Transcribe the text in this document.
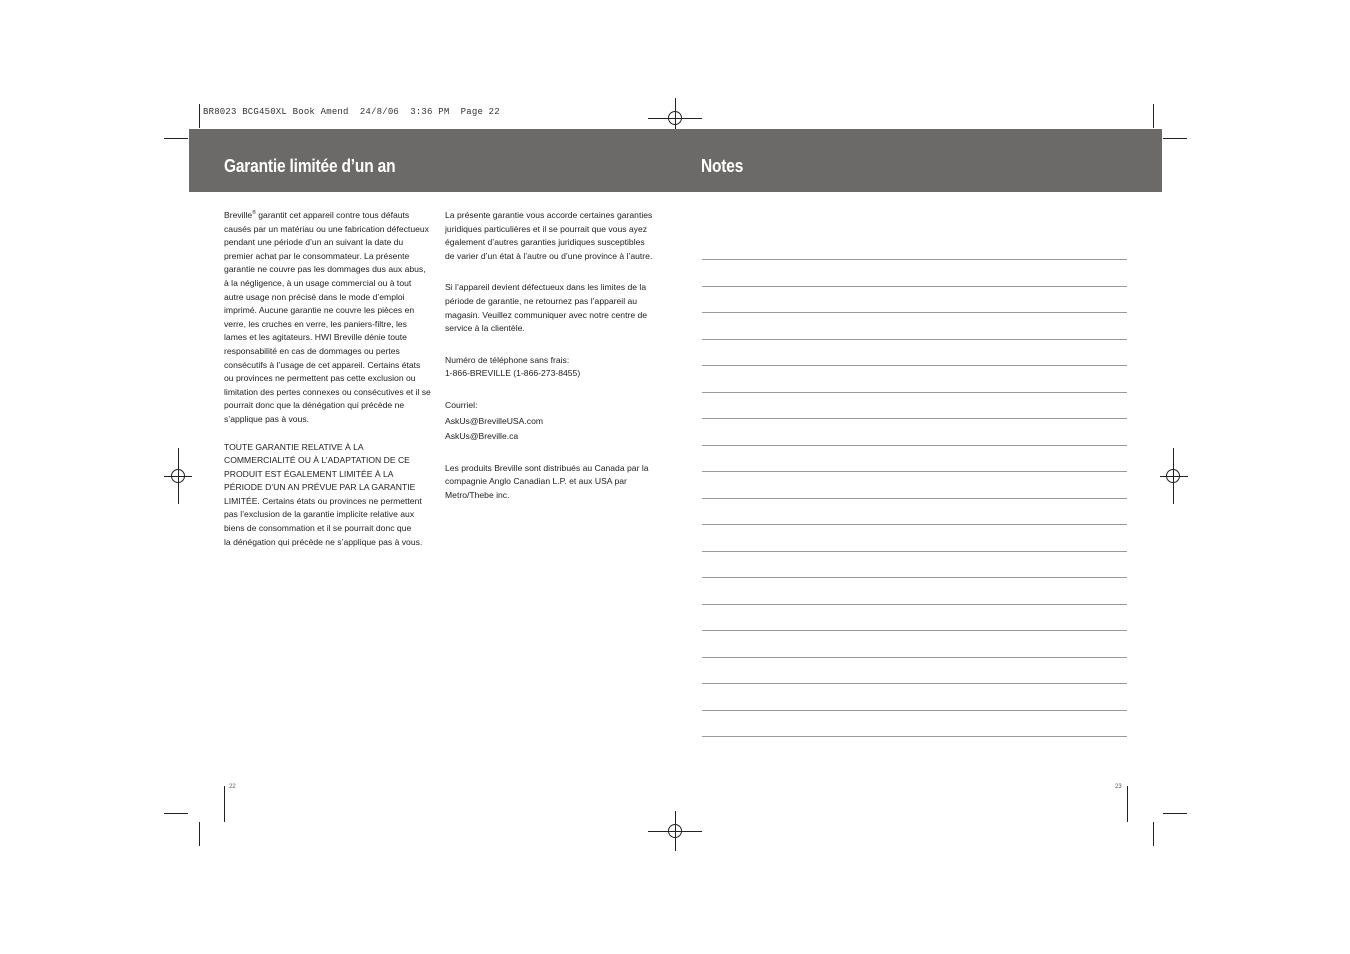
BR8023 BCG450XL Book Amend  24/8/06  3:36 PM  Page 22
Garantie limitée d’un an	Notes

Breville® garantit cet appareil contre tous défauts causés par un matériau ou une fabrication défectueux pendant une période d’un an suivant la date du premier achat par le consommateur. La présente garantie ne couvre pas les dommages dus aux abus, à la négligence, à un usage commercial ou à tout autre usage non précisé dans le mode d’emploi imprimé. Aucune garantie ne couvre les pièces en verre, les cruches en verre, les paniers-filtre, les lames et les agitateurs. HWI Breville dénie toute responsabilité en cas de dommages ou pertes consécutifs à l’usage de cet appareil. Certains états ou provinces ne permettent pas cette exclusion ou limitation des pertes connexes ou consécutives et il se pourrait donc que la dénégation qui précède ne s’applique pas à vous.

TOUTE GARANTIE RELATIVE À LA COMMERCIALITÉ OU À L’ADAPTATION DE CE PRODUIT EST ÉGALEMENT LIMITÉE À LA PÉRIODE D’UN AN PRÉVUE PAR LA GARANTIE LIMITÉE. Certains états ou provinces ne permettent pas l’exclusion de la garantie implicite relative aux biens de consommation et il se pourrait donc que

la dénégation qui précède ne s’applique pas à vous.

La présente garantie vous accorde certaines garanties juridiques particulières et il se pourrait que vous ayez également d’autres garanties juridiques susceptibles de varier d’un état à l’autre ou d’une province à l’autre.

Si l’appareil devient défectueux dans les limites de la période de garantie, ne retournez pas l’appareil au magasin. Veuillez communiquer avec notre centre de service à la clientèle.

Numéro de téléphone sans frais:

1-866-BREVILLE (1-866-273-8455)

Courriel:

AskUs@BrevilleUSA.com

AskUs@Breville.ca

Les produits Breville sont distribués au Canada par la compagnie Anglo Canadian L.P. et aux USA par Metro/Thebe inc.

22	23
